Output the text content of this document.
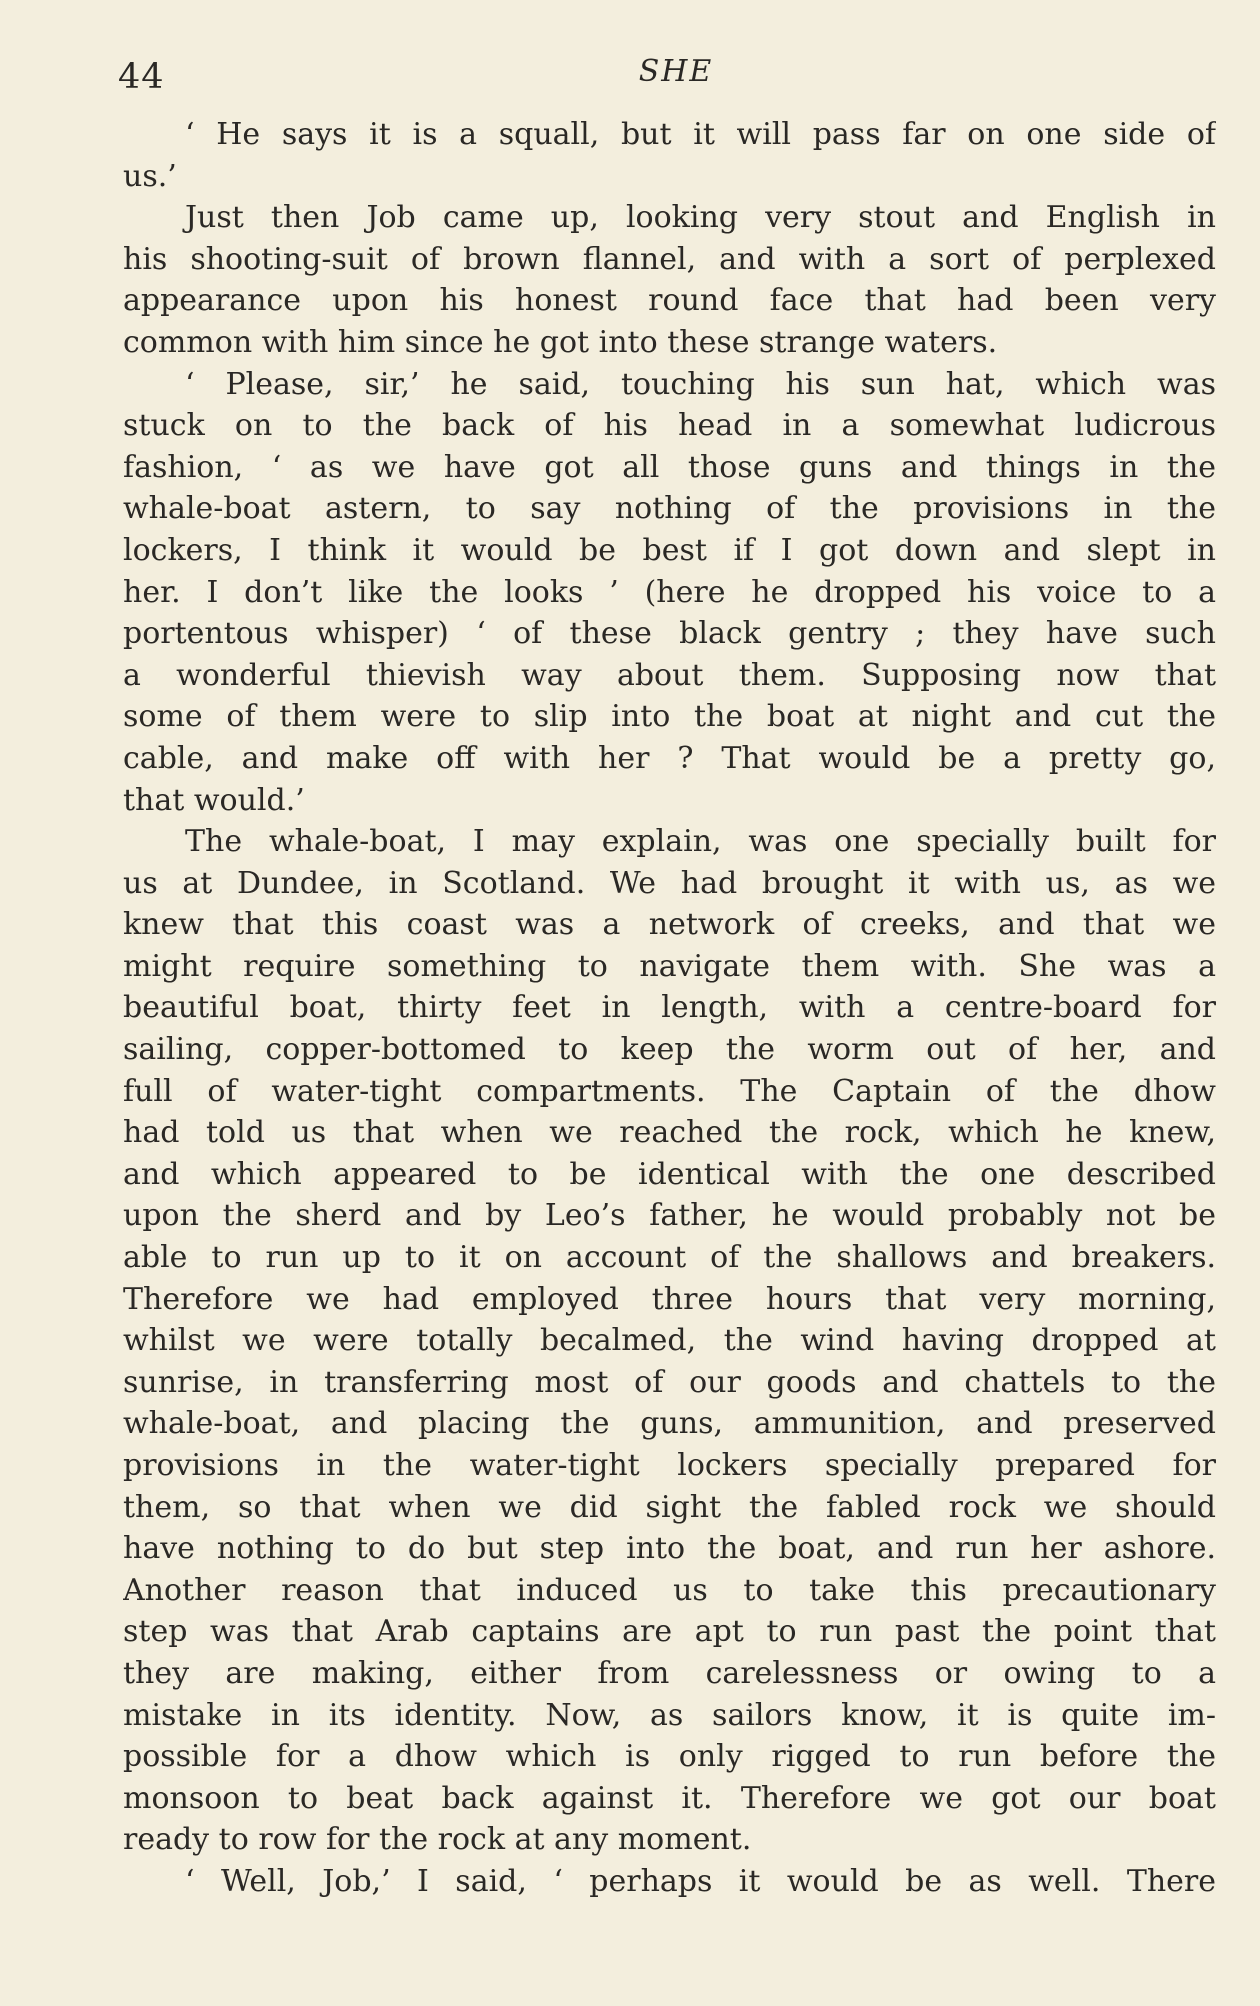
44	SHE
‘ He says it is a squall, but it will pass far on one side of
us.’
Just then Job came up, looking very stout and English in
his shooting-suit of brown flannel, and with a sort of perplexed
appearance upon his honest round face that had been very
common with him since he got into these strange waters.
‘ Please, sir,’ he said, touching his sun hat, which was
stuck on to the back of his head in a somewhat ludicrous
fashion, ‘ as we have got all those guns and things in the
whale-boat astern, to say nothing of the provisions in the
lockers, I think it would be best if I got down and slept in
her. I don’t like the looks ’ (here he dropped his voice to a
portentous whisper) ‘ of these black gentry ; they have such
a wonderful thievish way about them. Supposing now that
some of them were to slip into the boat at night and cut the
cable, and make off with her ? That would be a pretty go,
that would.’
The whale-boat, I may explain, was one specially built for
us at Dundee, in Scotland. We had brought it with us, as we
knew that this coast was a network of creeks, and that we
might require something to navigate them with. She was a
beautiful boat, thirty feet in length, with a centre-board for
sailing, copper-bottomed to keep the worm out of her, and
full of water-tight compartments. The Captain of the dhow
had told us that when we reached the rock, which he knew,
and which appeared to be identical with the one described
upon the sherd and by Leo’s father, he would probably not be
able to run up to it on account of the shallows and breakers.
Therefore we had employed three hours that very morning,
whilst we were totally becalmed, the wind having dropped at
sunrise, in transferring most of our goods and chattels to the
whale-boat, and placing the guns, ammunition, and preserved
provisions in the water-tight lockers specially prepared for
them, so that when we did sight the fabled rock we should
have nothing to do but step into the boat, and run her ashore.
Another reason that induced us to take this precautionary
step was that Arab captains are apt to run past the point that
they are making, either from carelessness or owing to a
mistake in its identity. Now, as sailors know, it is quite im-
possible for a dhow which is only rigged to run before the
monsoon to beat back against it. Therefore we got our boat
ready to row for the rock at any moment.
‘ Well, Job,’ I said, ‘ perhaps it would be as well. There
